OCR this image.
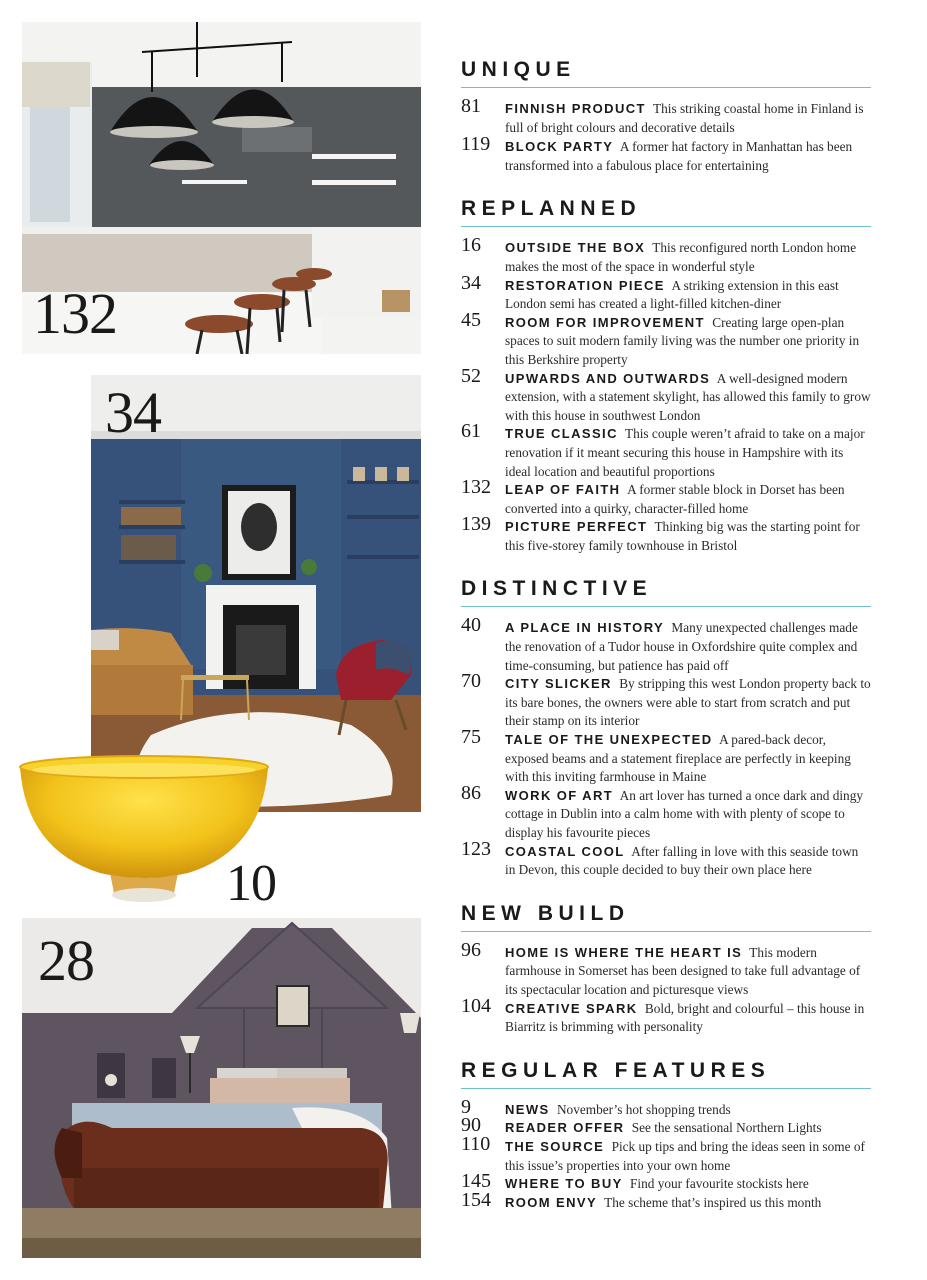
132
34
10
28
UNIQUE
81 FINNISH PRODUCT This striking coastal home in Finland is full of bright colours and decorative details
119 BLOCK PARTY A former hat factory in Manhattan has been transformed into a fabulous place for entertaining
REPLANNED
16 OUTSIDE THE BOX This reconfigured north London home makes the most of the space in wonderful style
34 RESTORATION PIECE A striking extension in this east London semi has created a light-filled kitchen-diner
45 ROOM FOR IMPROVEMENT Creating large open-plan spaces to suit modern family living was the number one priority in this Berkshire property
52 UPWARDS AND OUTWARDS A well-designed modern extension, with a statement skylight, has allowed this family to grow with this house in southwest London
61 TRUE CLASSIC This couple weren’t afraid to take on a major renovation if it meant securing this house in Hampshire with its ideal location and beautiful proportions
132 LEAP OF FAITH A former stable block in Dorset has been converted into a quirky, character-filled home
139 PICTURE PERFECT Thinking big was the starting point for this five-storey family townhouse in Bristol
DISTINCTIVE
40 A PLACE IN HISTORY Many unexpected challenges made the renovation of a Tudor house in Oxfordshire quite complex and time-consuming, but patience has paid off
70 CITY SLICKER By stripping this west London property back to its bare bones, the owners were able to start from scratch and put their stamp on its interior
75 TALE OF THE UNEXPECTED A pared-back decor, exposed beams and a statement fireplace are perfectly in keeping with this inviting farmhouse in Maine
86 WORK OF ART An art lover has turned a once dark and dingy cottage in Dublin into a calm home with with plenty of scope to display his favourite pieces
123 COASTAL COOL After falling in love with this seaside town in Devon, this couple decided to buy their own place here
NEW BUILD
96 HOME IS WHERE THE HEART IS This modern farmhouse in Somerset has been designed to take full advantage of its spectacular location and picturesque views
104 CREATIVE SPARK Bold, bright and colourful – this house in Biarritz is brimming with personality
REGULAR FEATURES
9	NEWS November’s hot shopping trends
90 READER OFFER See the sensational Northern Lights
110 THE SOURCE Pick up tips and bring the ideas seen in some of this issue’s properties into your own home
145 WHERE TO BUY Find your favourite stockists here
154 ROOM ENVY The scheme that’s inspired us this month
